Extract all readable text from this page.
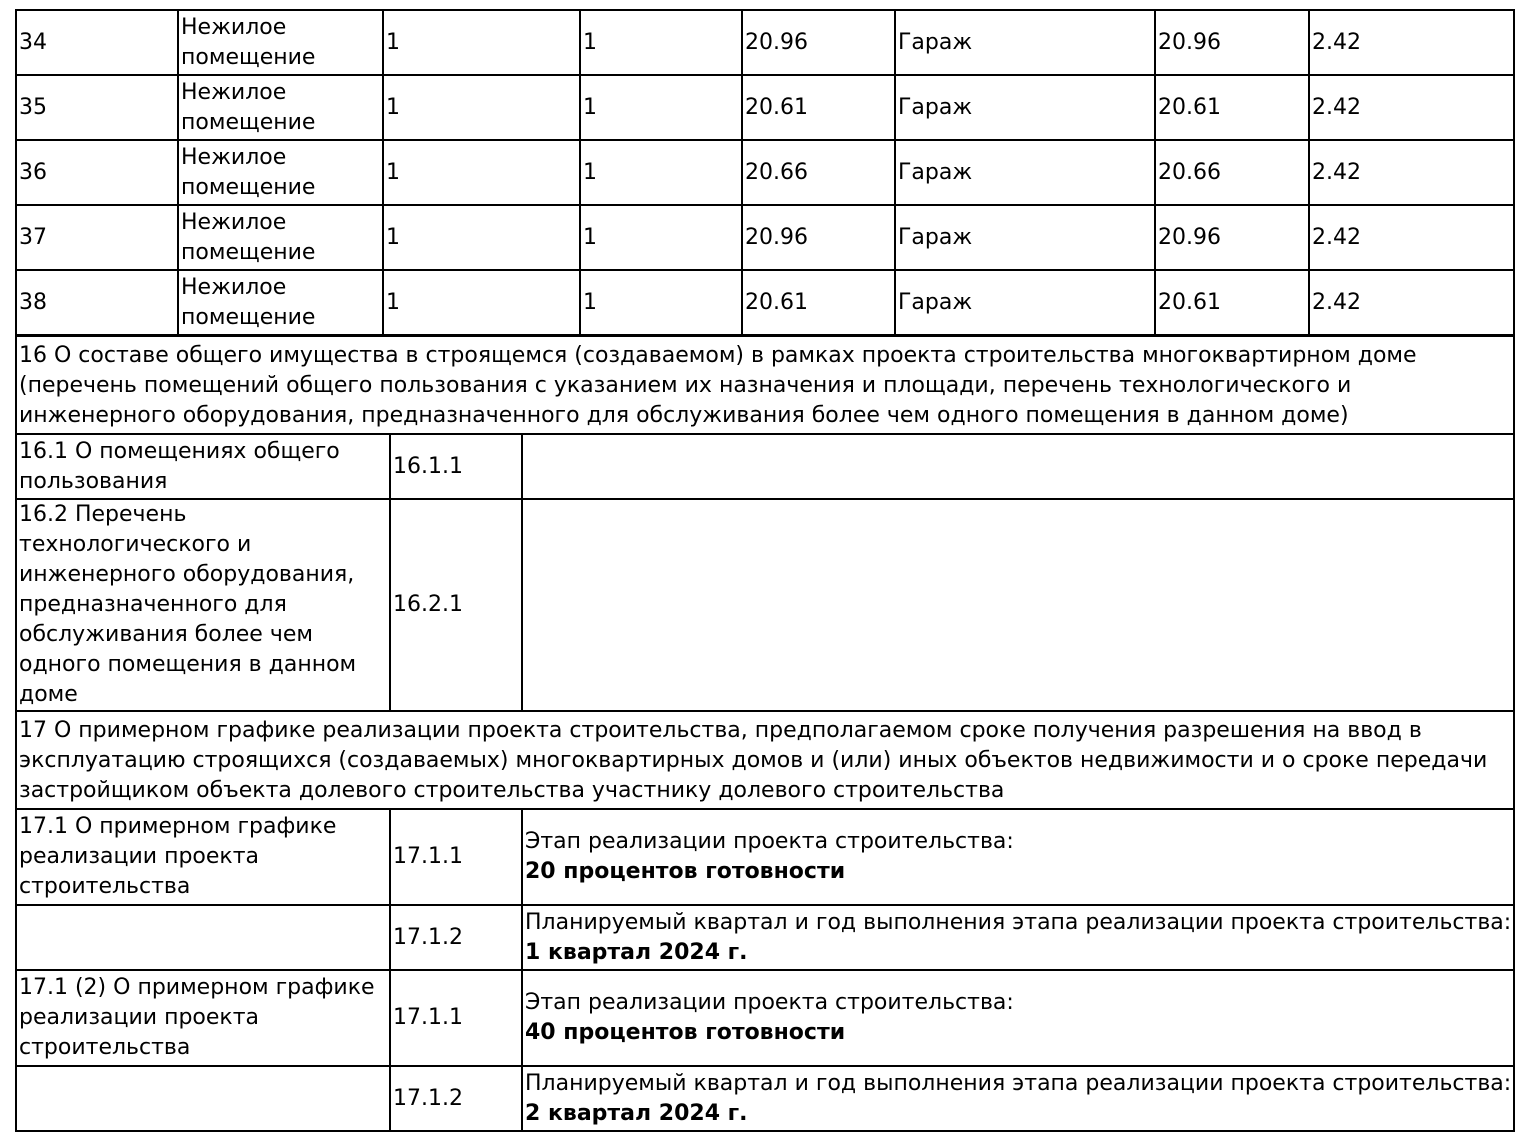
34	Нежилое помещение	1	1	20.96	Гараж	20.96	2.42
35	Нежилое помещение	1	1	20.61	Гараж	20.61	2.42
36	Нежилое помещение	1	1	20.66	Гараж	20.66	2.42
37	Нежилое помещение	1	1	20.96	Гараж	20.96	2.42
38	Нежилое помещение	1	1	20.61	Гараж	20.61	2.42
16 О составе общего имущества в строящемся (создаваемом) в рамках проекта строительства многоквартирном доме (перечень помещений общего пользования с указанием их назначения и площади, перечень технологического и инженерного оборудования, предназначенного для обслуживания более чем одного помещения в данном доме)		
16.1 О помещениях общего пользования	16.1.1	
16.2 Перечень технологического и инженерного оборудования, предназначенного для обслуживания более чем одного помещения в данном доме	16.2.1	
17 О примерном графике реализации проекта строительства, предполагаемом сроке получения разрешения на ввод в эксплуатацию строящихся (создаваемых) многоквартирных домов и (или) иных объектов недвижимости и о сроке передачи застройщиком объекта долевого строительства участнику долевого строительства		
17.1 О примерном графике реализации проекта строительства	17.1.1	Этап реализации проекта строительства:
20 процентов готовности

	17.1.2	Планируемый квартал и год выполнения этапа реализации проекта строительства:
1 квартал 2024 г.

17.1 (2) О примерном графике реализации проекта строительства	17.1.1	Этап реализации проекта строительства:
40 процентов готовности

	17.1.2	Планируемый квартал и год выполнения этапа реализации проекта строительства:
2 квартал 2024 г.
